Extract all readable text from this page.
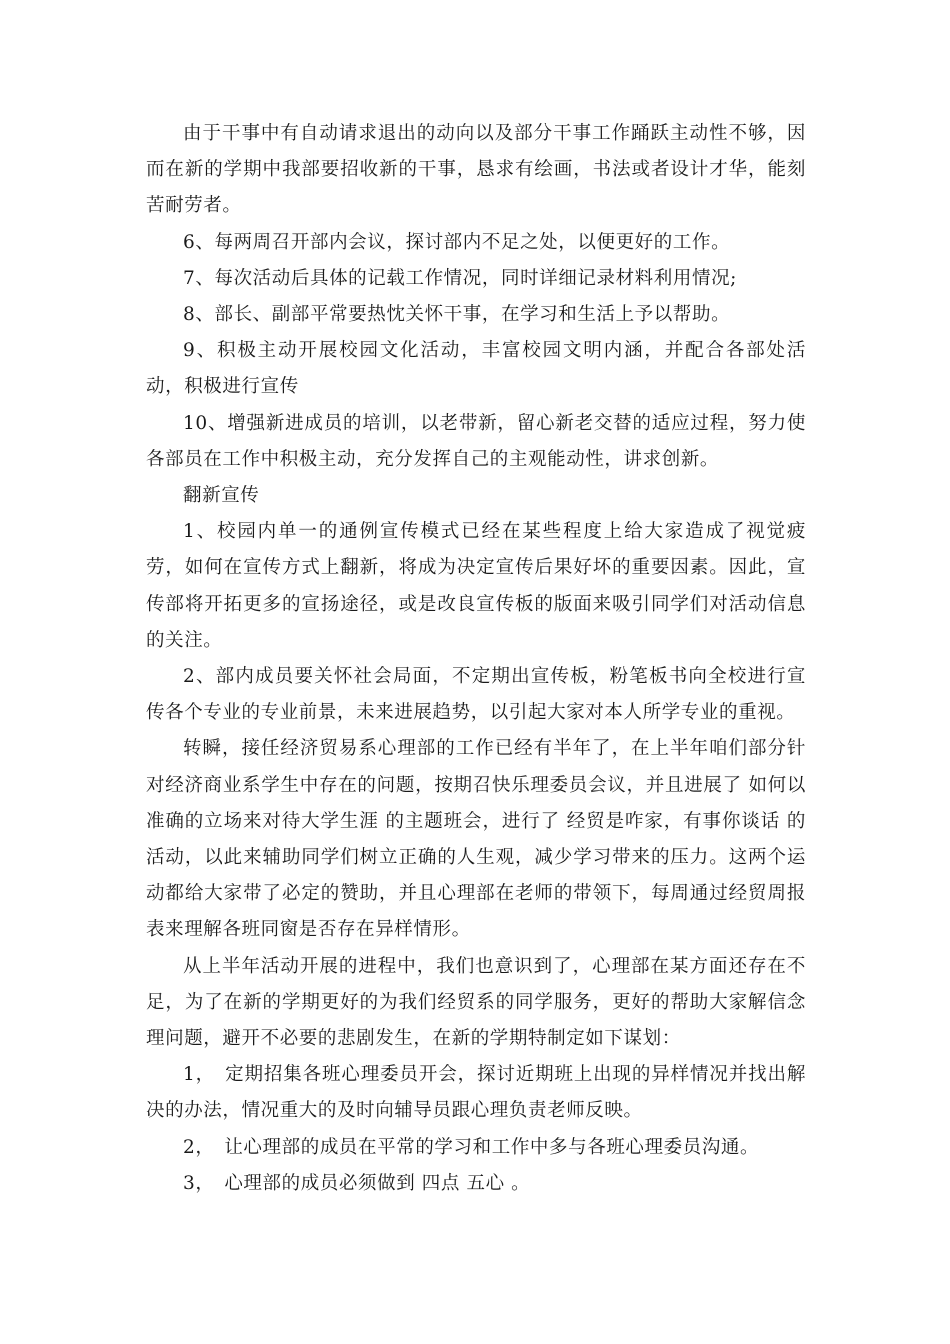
由于干事中有自动请求退出的动向以及部分干事工作踊跃主动性不够，因而在新的学期中我部要招收新的干事，恳求有绘画，书法或者设计才华，能刻苦耐劳者。

6、每两周召开部内会议，探讨部内不足之处，以便更好的工作。

7、每次活动后具体的记载工作情况，同时详细记录材料利用情况;

8、部长、副部平常要热忱关怀干事，在学习和生活上予以帮助。

9、积极主动开展校园文化活动，丰富校园文明内涵，并配合各部处活动，积极进行宣传

10、增强新进成员的培训，以老带新，留心新老交替的适应过程，努力使各部员在工作中积极主动，充分发挥自己的主观能动性，讲求创新。

翻新宣传

1、校园内单一的通例宣传模式已经在某些程度上给大家造成了视觉疲劳，如何在宣传方式上翻新，将成为决定宣传后果好坏的重要因素。因此，宣传部将开拓更多的宣扬途径，或是改良宣传板的版面来吸引同学们对活动信息的关注。

2、部内成员要关怀社会局面，不定期出宣传板，粉笔板书向全校进行宣传各个专业的专业前景，未来进展趋势，以引起大家对本人所学专业的重视。

转瞬，接任经济贸易系心理部的工作已经有半年了，在上半年咱们部分针对经济商业系学生中存在的问题，按期召快乐理委员会议，并且进展了 如何以准确的立场来对待大学生涯 的主题班会，进行了 经贸是咋家，有事你谈话 的活动，以此来辅助同学们树立正确的人生观，减少学习带来的压力。这两个运动都给大家带了必定的赞助，并且心理部在老师的带领下，每周通过经贸周报表来理解各班同窗是否存在异样情形。

从上半年活动开展的进程中，我们也意识到了，心理部在某方面还存在不足，为了在新的学期更好的为我们经贸系的同学服务，更好的帮助大家解信念理问题，避开不必要的悲剧发生，在新的学期特制定如下谋划：

1，　定期招集各班心理委员开会，探讨近期班上出现的异样情况并找出解决的办法，情况重大的及时向辅导员跟心理负责老师反映。

2，　让心理部的成员在平常的学习和工作中多与各班心理委员沟通。

3，　心理部的成员必须做到 四点 五心 。
